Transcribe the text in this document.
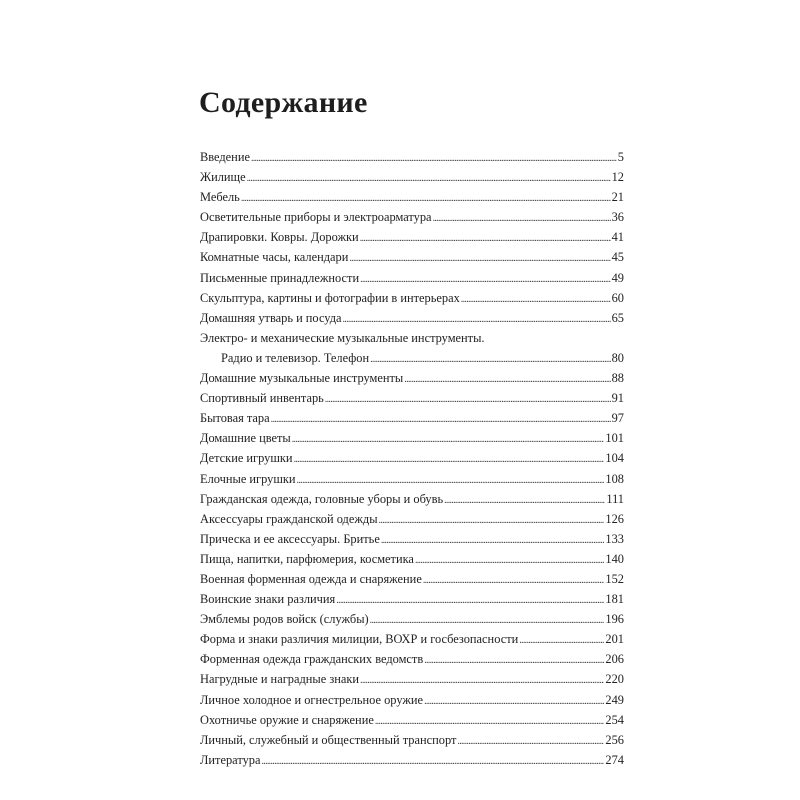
Содержание
Введение . . .	5
Жилище . . .	12
Мебель . . .	21
Осветительные приборы и электроарматура . . .	36
Драпировки. Ковры. Дорожки . . .	41
Комнатные часы, календари . . .	45
Письменные принадлежности . . .	49
Скульптура, картины и фотографии в интерьерах . . .	60
Домашняя утварь и посуда . . .	65
Электро- и механические музыкальные инструменты.
Радио и телевизор. Телефон . . .	80
Домашние музыкальные инструменты . . .	88
Спортивный инвентарь . . .	91
Бытовая тара . . .	97
Домашние цветы . . .	101
Детские игрушки . . .	104
Елочные игрушки . . .	108
Гражданская одежда, головные уборы и обувь . . .	111
Аксессуары гражданской одежды . . .	126
Прическа и ее аксессуары. Бритье . . .	133
Пища, напитки, парфюмерия, косметика . . .	140
Военная форменная одежда и снаряжение . . .	152
Воинские знаки различия . . .	181
Эмблемы родов войск (службы) . . .	196
Форма и знаки различия милиции, ВОХР и госбезопасности . . .	201
Форменная одежда гражданских ведомств . . .	206
Нагрудные и наградные знаки . . .	220
Личное холодное и огнестрельное оружие . . .	249
Охотничье оружие и снаряжение . . .	254
Личный, служебный и общественный транспорт . . .	256
Литература . . .	274
